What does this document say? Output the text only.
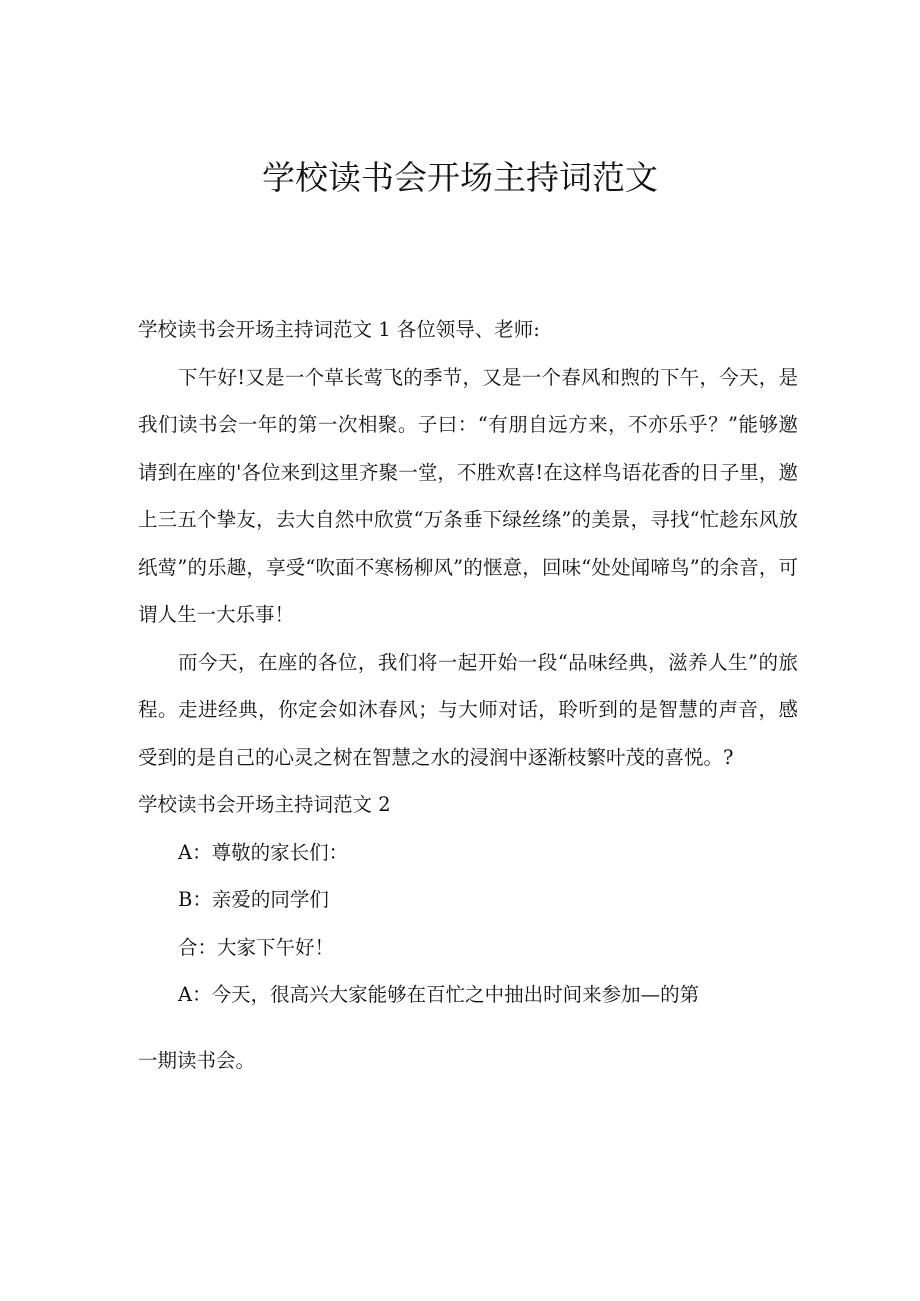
学校读书会开场主持词范文

学校读书会开场主持词范文 1 各位领导、老师:

下午好!又是一个草长莺飞的季节，又是一个春风和煦的下午，今天，是我们读书会一年的第一次相聚。子曰：“有朋自远方来，不亦乐乎？”能够邀请到在座的'各位来到这里齐聚一堂，不胜欢喜!在这样鸟语花香的日子里，邀上三五个挚友，去大自然中欣赏“万条垂下绿丝绦”的美景，寻找“忙趁东风放纸莺”的乐趣，享受“吹面不寒杨柳风”的惬意，回味“处处闻啼鸟”的余音，可谓人生一大乐事！

而今天，在座的各位，我们将一起开始一段“品味经典，滋养人生”的旅程。走进经典，你定会如沐春风；与大师对话，聆听到的是智慧的声音，感受到的是自己的心灵之树在智慧之水的浸润中逐渐枝繁叶茂的喜悦。?

学校读书会开场主持词范文 2

A：尊敬的家长们：

B：亲爱的同学们

合：大家下午好！

A：今天，很高兴大家能够在百忙之中抽出时间来参加—的第

一期读书会。
